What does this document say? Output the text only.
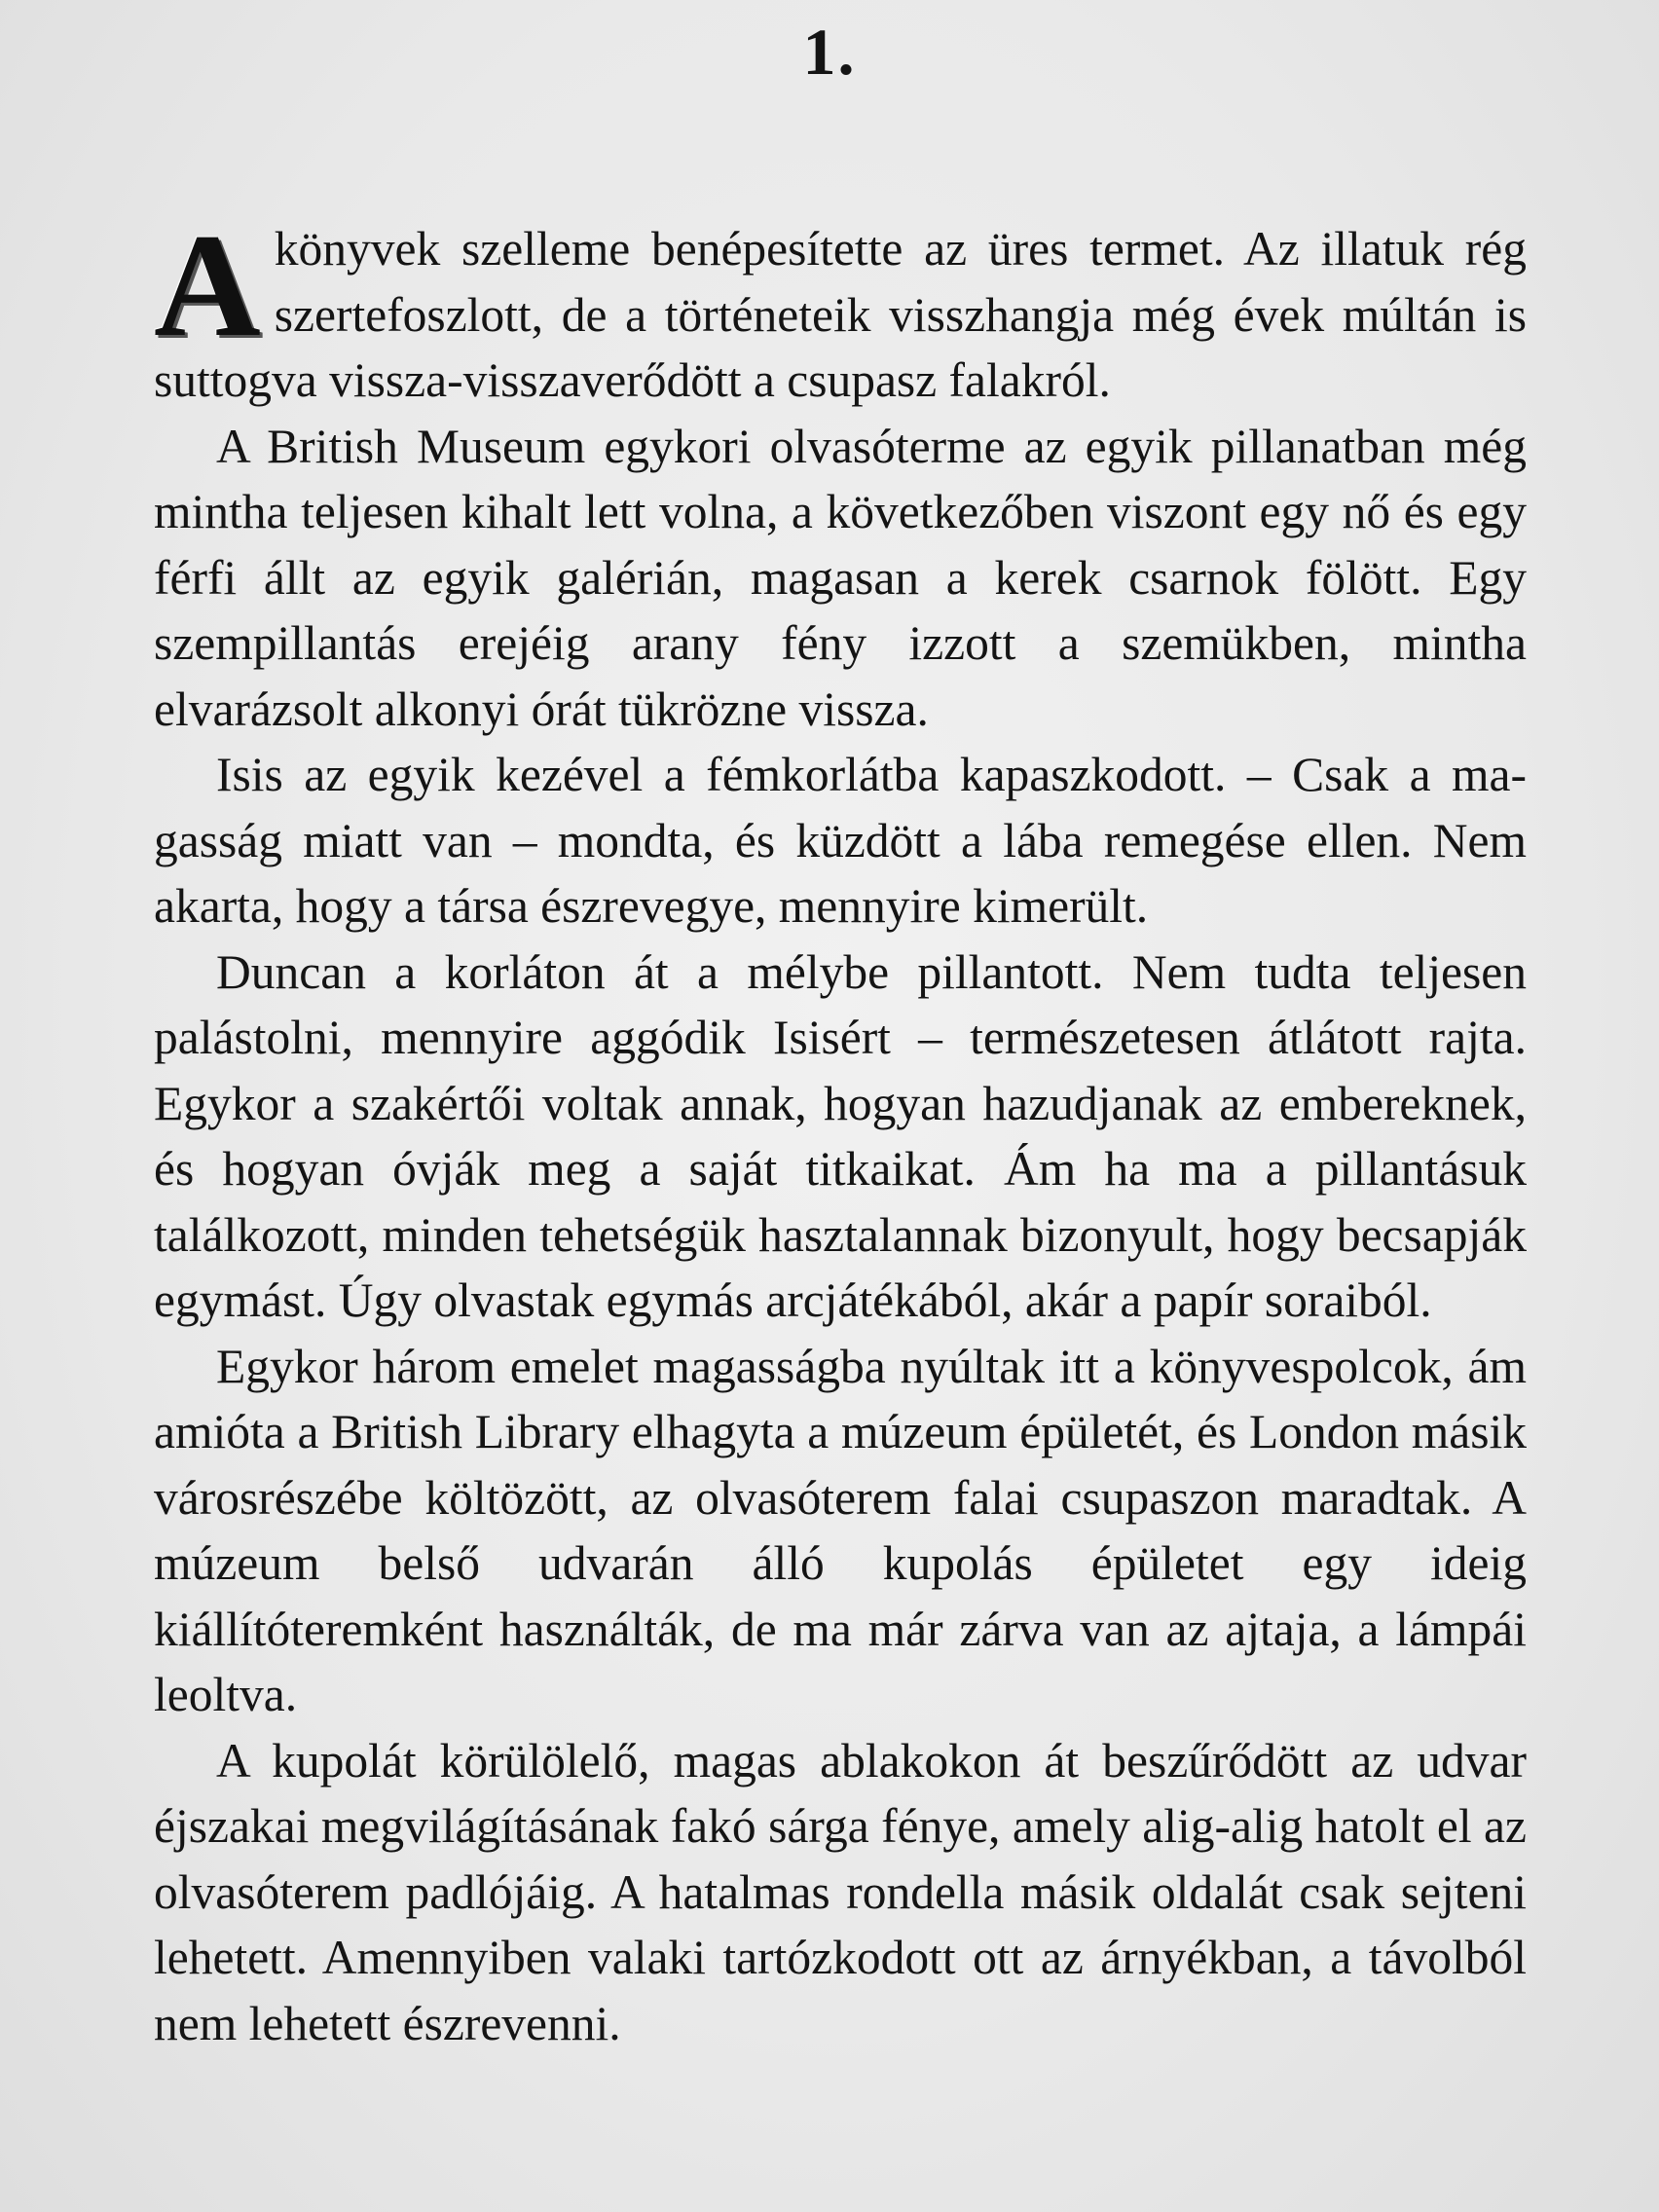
1.

A könyvek szelleme benépesítette az üres termet. Az illatuk rég szertefoszlott, de a történeteik visszhangja még évek múltán is suttogva vissza-visszaverődött a csupasz falakról.

A British Museum egykori olvasóterme az egyik pillanatban még mintha teljesen kihalt lett volna, a következőben viszont egy nő és egy férfi állt az egyik galérián, magasan a kerek csarnok fölött. Egy szempillantás erejéig arany fény izzott a szemükben, mintha elvarázsolt alkonyi órát tükrözne vissza.

Isis az egyik kezével a fémkorlátba kapaszkodott. – Csak a magasság miatt van – mondta, és küzdött a lába remegése ellen. Nem akarta, hogy a társa észrevegye, mennyire kimerült.

Duncan a korláton át a mélybe pillantott. Nem tudta teljesen palástolni, mennyire aggódik Isisért – természetesen átlátott rajta. Egykor a szakértői voltak annak, hogyan hazudjanak az embereknek, és hogyan óvják meg a saját titkaikat. Ám ha ma a pillantásuk találkozott, minden tehetségük hasztalannak bizonyult, hogy becsapják egymást. Úgy olvastak egymás arcjátékából, akár a papír soraiból.

Egykor három emelet magasságba nyúltak itt a könyvespolcok, ám amióta a British Library elhagyta a múzeum épületét, és London másik városrészébe költözött, az olvasóterem falai csupaszon maradtak. A múzeum belső udvarán álló kupolás épületet egy ideig kiállítóteremként használták, de ma már zárva van az ajtaja, a lámpái leoltva.

A kupolát körülölelő, magas ablakokon át beszűrődött az udvar éjszakai megvilágításának fakó sárga fénye, amely alig-alig hatolt el az olvasóterem padlójáig. A hatalmas rondella másik oldalát csak sejteni lehetett. Amennyiben valaki tartózkodott ott az árnyékban, a távolból nem lehetett észrevenni.
